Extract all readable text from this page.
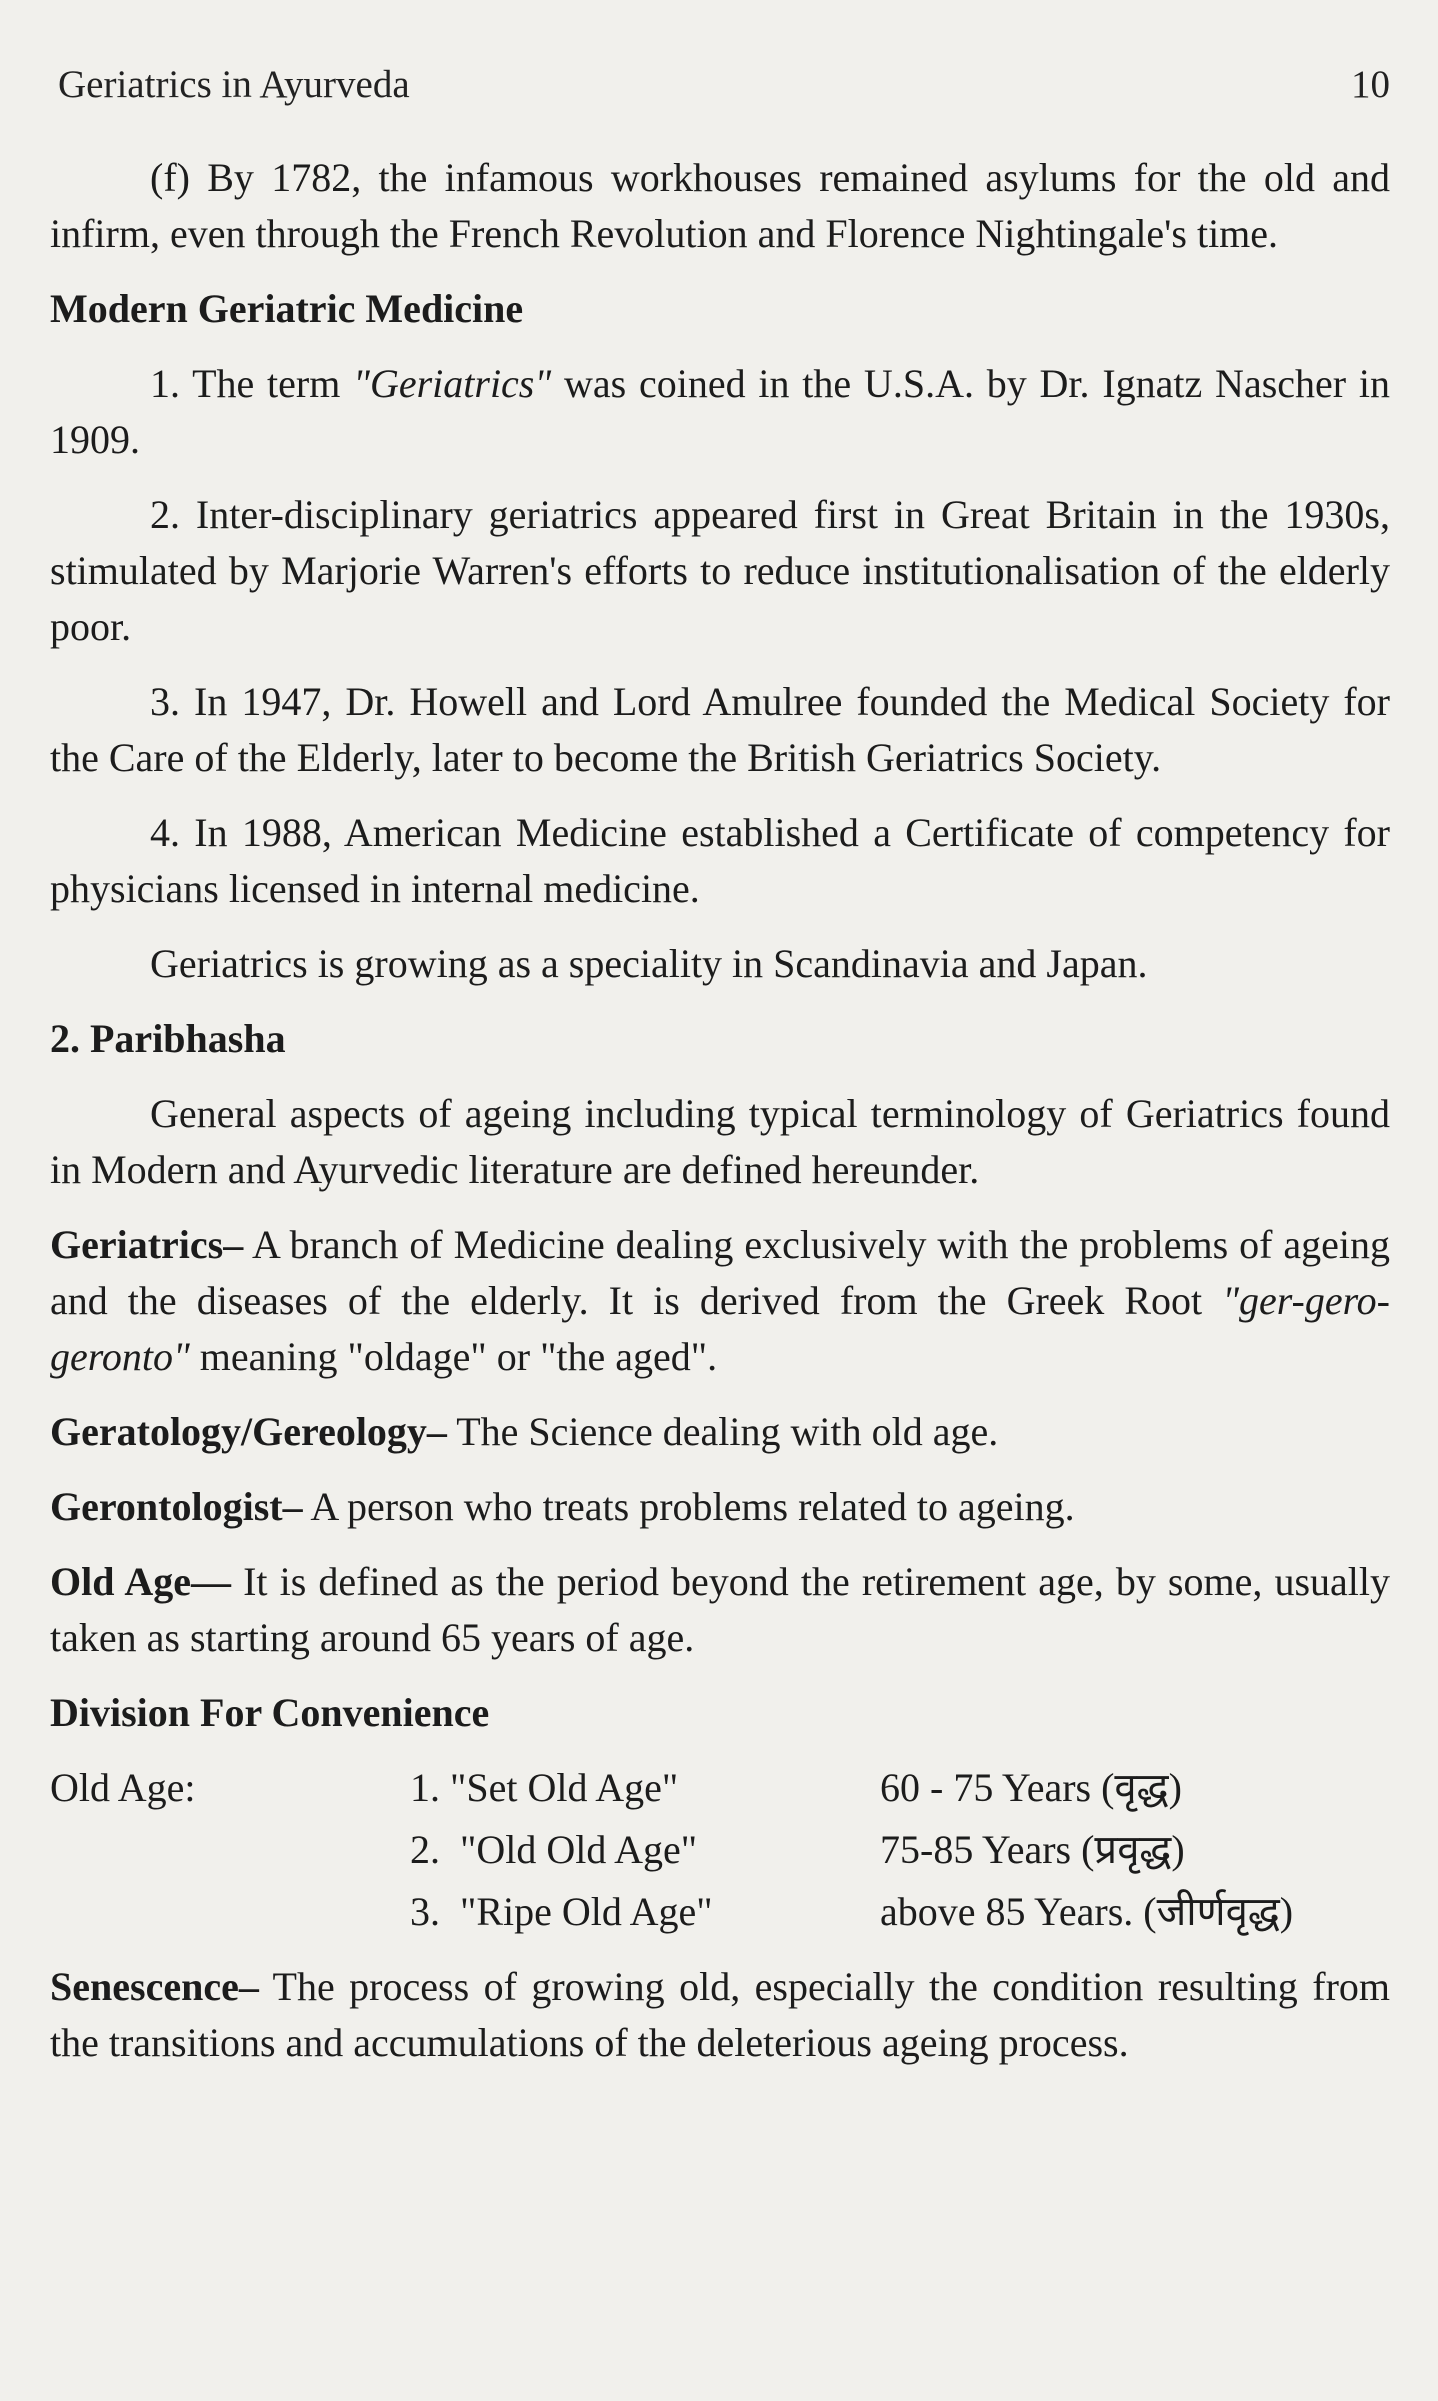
Geriatrics in Ayurveda	10

(f) By 1782, the infamous workhouses remained asylums for the old and infirm, even through the French Revolution and Florence Nightingale's time.

Modern Geriatric Medicine

1. The term "Geriatrics" was coined in the U.S.A. by Dr. Ignatz Nascher in 1909.

2. Inter-disciplinary geriatrics appeared first in Great Britain in the 1930s, stimulated by Marjorie Warren's efforts to reduce institutionalisation of the elderly poor.

3. In 1947, Dr. Howell and Lord Amulree founded the Medical Society for the Care of the Elderly, later to become the British Geriatrics Society.

4. In 1988, American Medicine established a Certificate of competency for physicians licensed in internal medicine.

Geriatrics is growing as a speciality in Scandinavia and Japan.

2. Paribhasha

General aspects of ageing including typical terminology of Geriatrics found in Modern and Ayurvedic literature are defined hereunder.

Geriatrics– A branch of Medicine dealing exclusively with the problems of ageing and the diseases of the elderly. It is derived from the Greek Root "ger-gero-geronto" meaning "oldage" or "the aged".

Geratology/Gereology– The Science dealing with old age.

Gerontologist– A person who treats problems related to ageing.

Old Age— It is defined as the period beyond the retirement age, by some, usually taken as starting around 65 years of age.

Division For Convenience
Old Age:	1. "Set Old Age"	60 - 75 Years (वृद्ध)
2.  "Old Old Age"	75-85 Years (प्रवृद्ध)
3.  "Ripe Old Age"	above 85 Years. (जीर्णवृद्ध)

Senescence– The process of growing old, especially the condition resulting from the transitions and accumulations of the deleterious ageing process.
